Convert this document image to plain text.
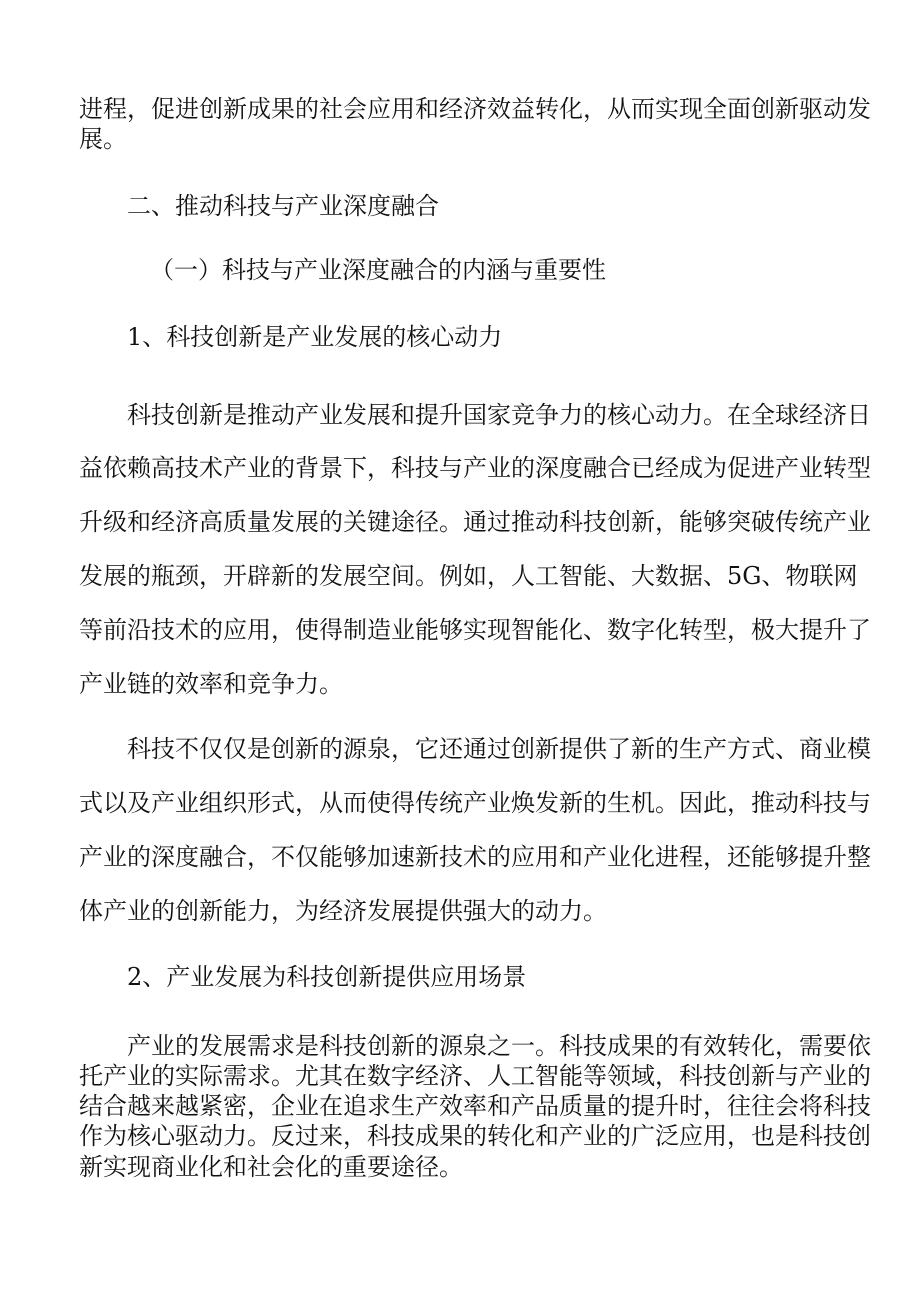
进程，促进创新成果的社会应用和经济效益转化，从而实现全面创新驱动发
展。
二、推动科技与产业深度融合
（一）科技与产业深度融合的内涵与重要性
1、科技创新是产业发展的核心动力
科技创新是推动产业发展和提升国家竞争力的核心动力。在全球经济日
益依赖高技术产业的背景下，科技与产业的深度融合已经成为促进产业转型
升级和经济高质量发展的关键途径。通过推动科技创新，能够突破传统产业
发展的瓶颈，开辟新的发展空间。例如，人工智能、大数据、5G、物联网
等前沿技术的应用，使得制造业能够实现智能化、数字化转型，极大提升了
产业链的效率和竞争力。
科技不仅仅是创新的源泉，它还通过创新提供了新的生产方式、商业模
式以及产业组织形式，从而使得传统产业焕发新的生机。因此，推动科技与
产业的深度融合，不仅能够加速新技术的应用和产业化进程，还能够提升整
体产业的创新能力，为经济发展提供强大的动力。
2、产业发展为科技创新提供应用场景
产业的发展需求是科技创新的源泉之一。科技成果的有效转化，需要依
托产业的实际需求。尤其在数字经济、人工智能等领域，科技创新与产业的
结合越来越紧密，企业在追求生产效率和产品质量的提升时，往往会将科技
作为核心驱动力。反过来，科技成果的转化和产业的广泛应用，也是科技创
新实现商业化和社会化的重要途径。
